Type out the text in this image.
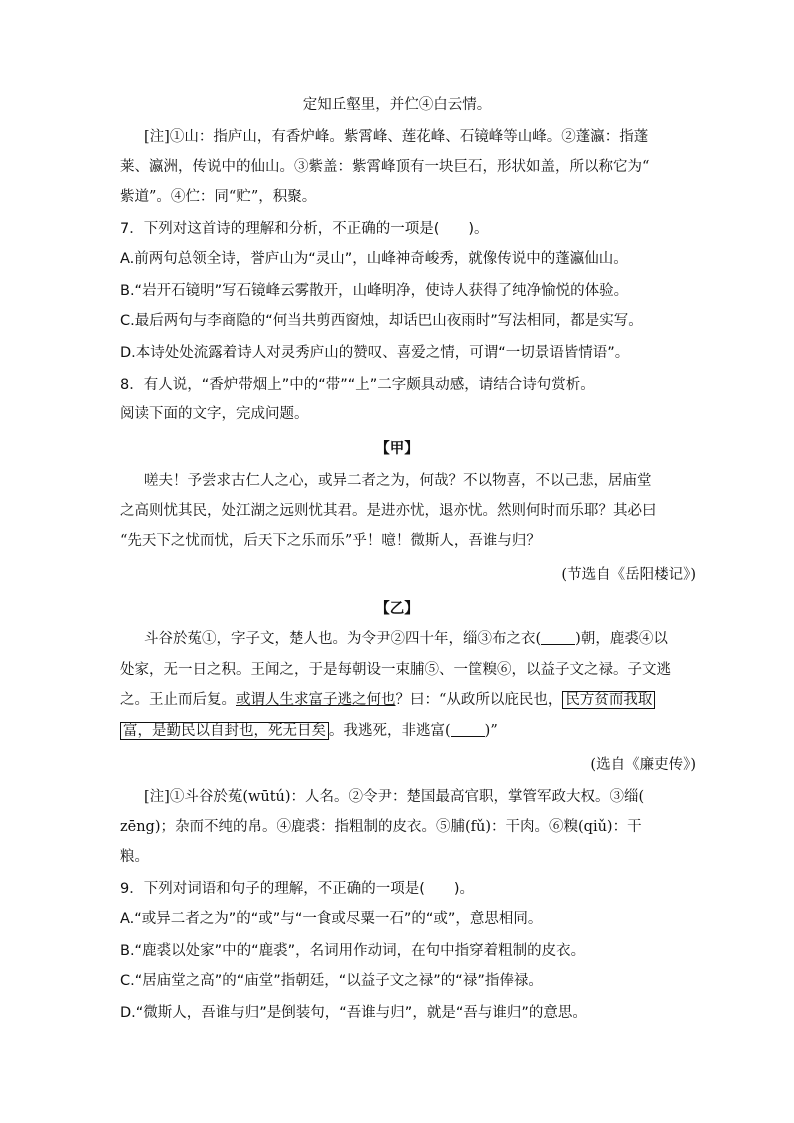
定知丘壑里，并伫④白云情。
[注]①山：指庐山，有香炉峰。紫霄峰、莲花峰、石镜峰等山峰。②蓬瀛：指蓬
莱、瀛洲，传说中的仙山。③紫盖：紫霄峰顶有一块巨石，形状如盖，所以称它为“
紫道”。④伫：同“贮”，积聚。
7．下列对这首诗的理解和分析，不正确的一项是(　　)。
A.前两句总领全诗，誉庐山为“灵山”，山峰神奇峻秀，就像传说中的蓬瀛仙山。
B.“岩开石镜明”写石镜峰云雾散开，山峰明净，使诗人获得了纯净愉悦的体验。
C.最后两句与李商隐的“何当共剪西窗烛，却话巴山夜雨时”写法相同，都是实写。
D.本诗处处流露着诗人对灵秀庐山的赞叹、喜爱之情，可谓“一切景语皆情语”。
8．有人说，“香炉带烟上”中的“带”“上”二字颇具动感，请结合诗句赏析。
阅读下面的文字，完成问题。
【甲】
嗟夫！予尝求古仁人之心，或异二者之为，何哉？不以物喜，不以己悲，居庙堂
之高则忧其民，处江湖之远则忧其君。是进亦忧，退亦忧。然则何时而乐耶？其必曰
“先天下之忧而忧，后天下之乐而乐”乎！噫！微斯人，吾谁与归？
(节选自《岳阳楼记》)
【乙】
斗谷於菟①，字子文，楚人也。为令尹②四十年，缁③布之衣( )朝，鹿裘④以
处家，无一日之积。王闻之，于是每朝设一束脯⑤、一筐糗⑥，以益子文之禄。子文逃
之。王止而后复。或谓人生求富子逃之何也？曰：“从政所以庇民也， 民方贫而我取
富，是勤民以自封也，死无日矣 。我逃死，非逃富( )”
(选自《廉吏传》)
[注]①斗谷於菟(wūtú)：人名。②令尹：楚国最高官职，掌管军政大权。③缁(
zēng)；杂而不纯的帛。④鹿裘：指粗制的皮衣。⑤脯(fǔ)：干肉。⑥糗(qiǔ)：干
粮。
9．下列对词语和句子的理解，不正确的一项是(　　)。
A.“或异二者之为”的“或”与“一食或尽粟一石”的“或”，意思相同。
B.“鹿裘以处家”中的“鹿裘”，名词用作动词，在句中指穿着粗制的皮衣。
C.“居庙堂之高”的“庙堂”指朝廷，“以益子文之禄”的“禄”指俸禄。
D.“微斯人，吾谁与归”是倒装句，“吾谁与归”，就是“吾与谁归”的意思。
